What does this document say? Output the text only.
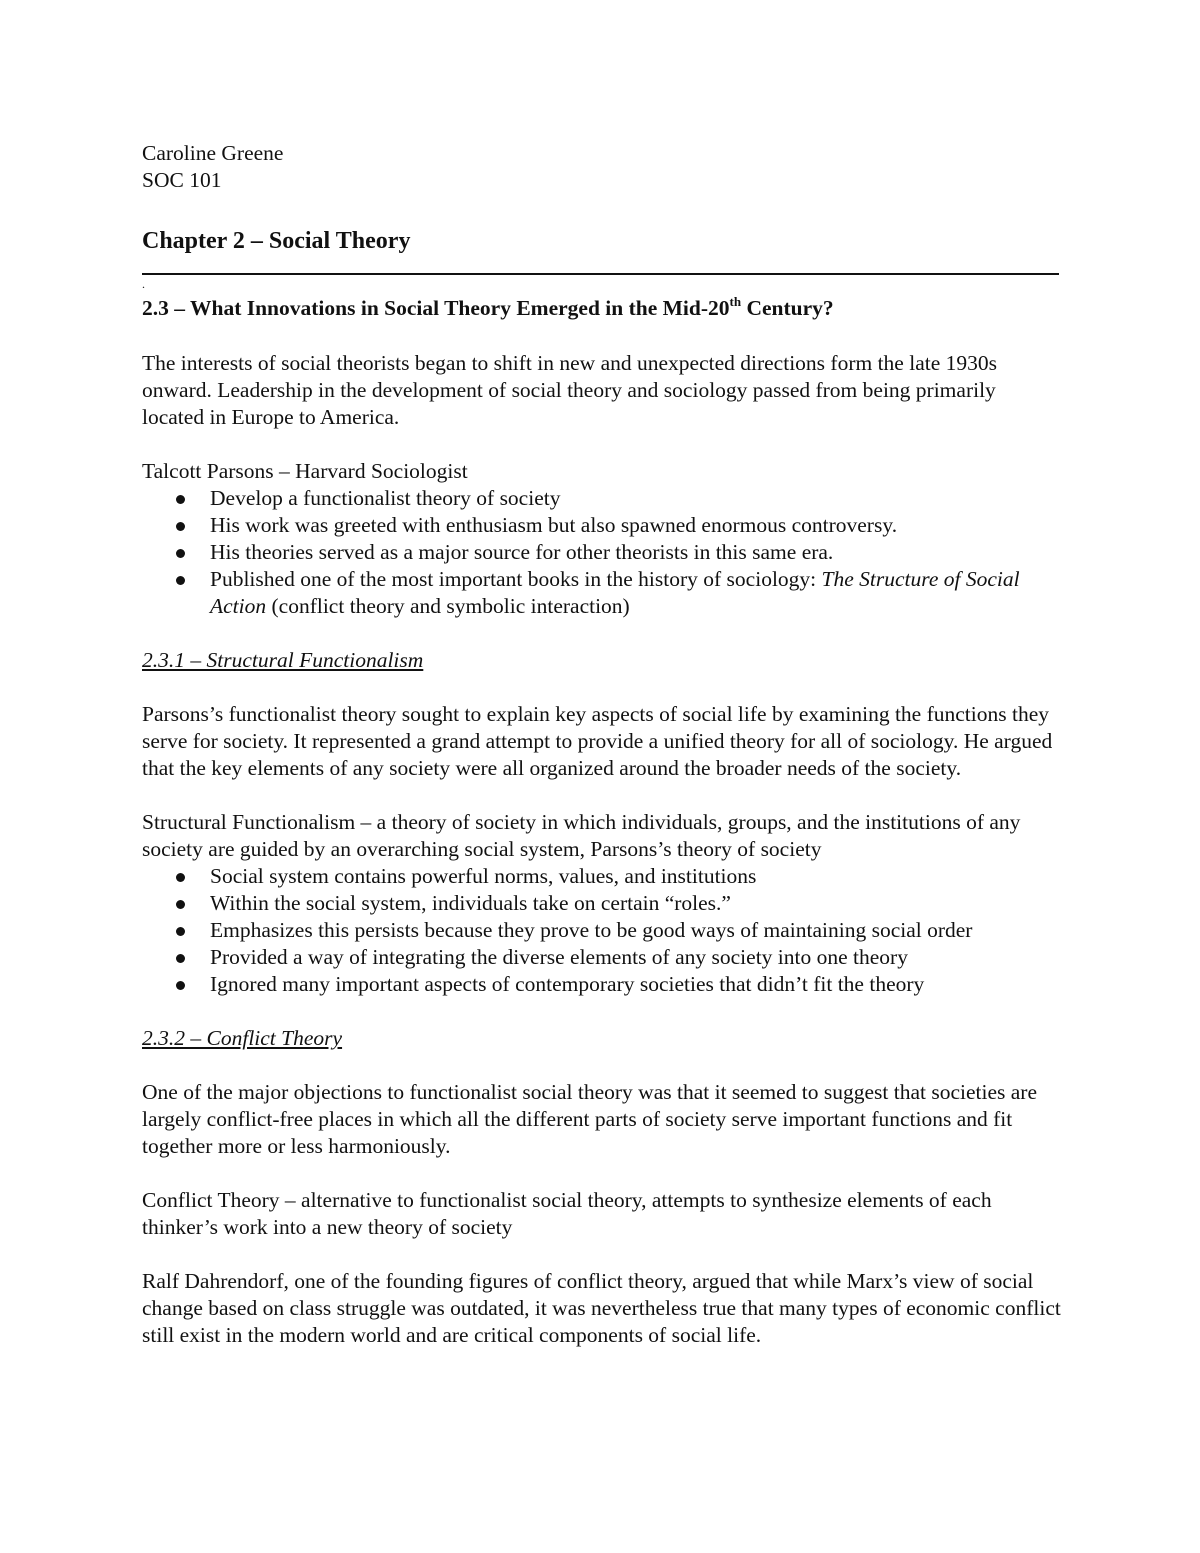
Caroline Greene
SOC 101
Chapter 2 – Social Theory
.
2.3 – What Innovations in Social Theory Emerged in the Mid-20th Century?

The interests of social theorists began to shift in new and unexpected directions form the late 1930s onward. Leadership in the development of social theory and sociology passed from being primarily located in Europe to America.

Talcott Parsons – Harvard Sociologist

Develop a functionalist theory of society
His work was greeted with enthusiasm but also spawned enormous controversy.
His theories served as a major source for other theorists in this same era.
Published one of the most important books in the history of sociology: The Structure of Social Action (conflict theory and symbolic interaction)

2.3.1 – Structural Functionalism

Parsons’s functionalist theory sought to explain key aspects of social life by examining the functions they serve for society. It represented a grand attempt to provide a unified theory for all of sociology. He argued that the key elements of any society were all organized around the broader needs of the society.

Structural Functionalism – a theory of society in which individuals, groups, and the institutions of any society are guided by an overarching social system, Parsons’s theory of society

Social system contains powerful norms, values, and institutions
Within the social system, individuals take on certain “roles.”
Emphasizes this persists because they prove to be good ways of maintaining social order
Provided a way of integrating the diverse elements of any society into one theory
Ignored many important aspects of contemporary societies that didn’t fit the theory

2.3.2 – Conflict Theory

One of the major objections to functionalist social theory was that it seemed to suggest that societies are largely conflict-free places in which all the different parts of society serve important functions and fit together more or less harmoniously.

Conflict Theory – alternative to functionalist social theory, attempts to synthesize elements of each thinker’s work into a new theory of society

Ralf Dahrendorf, one of the founding figures of conflict theory, argued that while Marx’s view of social change based on class struggle was outdated, it was nevertheless true that many types of economic conflict still exist in the modern world and are critical components of social life.
